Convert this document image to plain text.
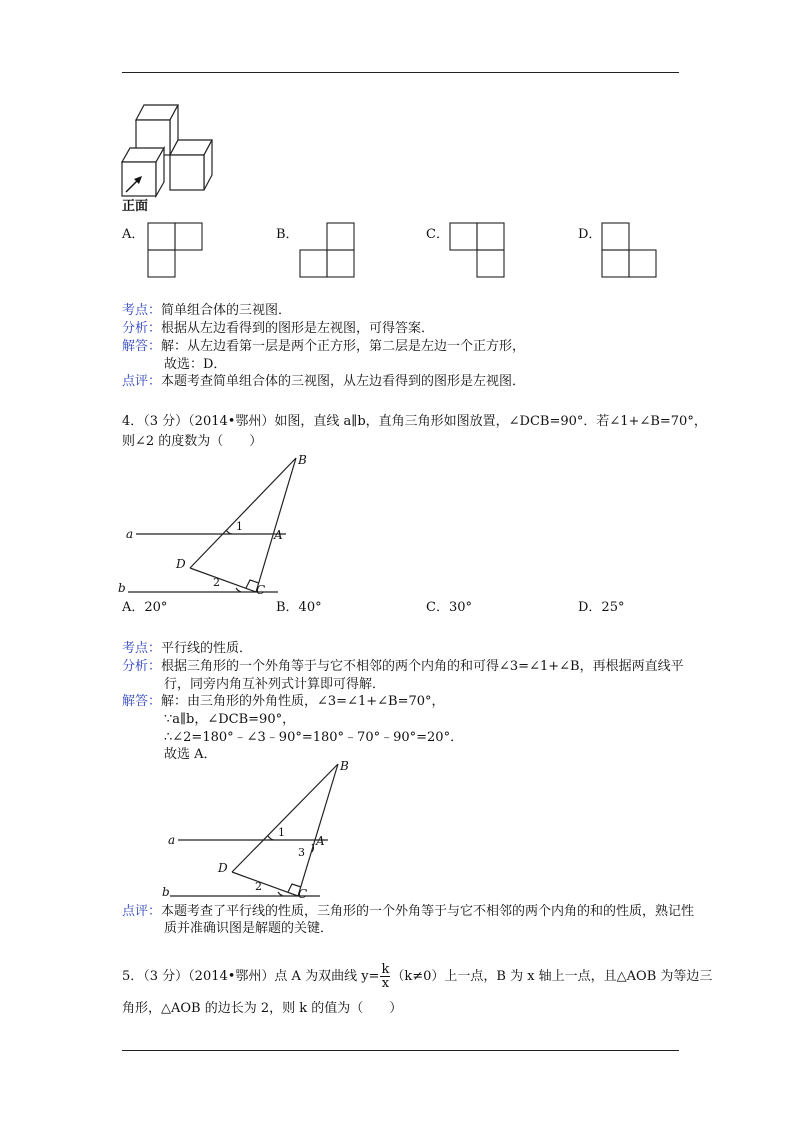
正面
A．	B．	C．	D．
考点：简单组合体的三视图．
分析：根据从左边看得到的图形是左视图，可得答案．
解答：解：从左边看第一层是两个正方形，第二层是左边一个正方形，
故选：D．
点评：本题考查简单组合体的三视图，从左边看得到的图形是左视图．
4．（3 分）（2014•鄂州）如图，直线 a∥b，直角三角形如图放置，∠DCB=90°．若∠1+∠B=70°，
则∠2 的度数为（　　）
B
a	A
D
C
b
1
2
A．20°	B．40°	C．30°	D．25°
考点：平行线的性质．
分析：根据三角形的一个外角等于与它不相邻的两个内角的和可得∠3=∠1+∠B，再根据两直线平
行，同旁内角互补列式计算即可得解．
解答：解：由三角形的外角性质，∠3=∠1+∠B=70°，
∵a∥b，∠DCB=90°，
∴∠2=180°﹣∠3﹣90°=180°﹣70°﹣90°=20°．
故选 A．
B
a	A
D
C
b
1
2
3
点评：本题考查了平行线的性质，三角形的一个外角等于与它不相邻的两个内角的和的性质，熟记性
质并准确识图是解题的关键．
5．（3 分）（2014•鄂州）点 A 为双曲线 $y= \frac{k}{x} (k\ne 0)$上一点，B 为 x 轴上一点，且△AOB 为等边三
角形，△AOB 的边长为 2，则 k 的值为（　　）
